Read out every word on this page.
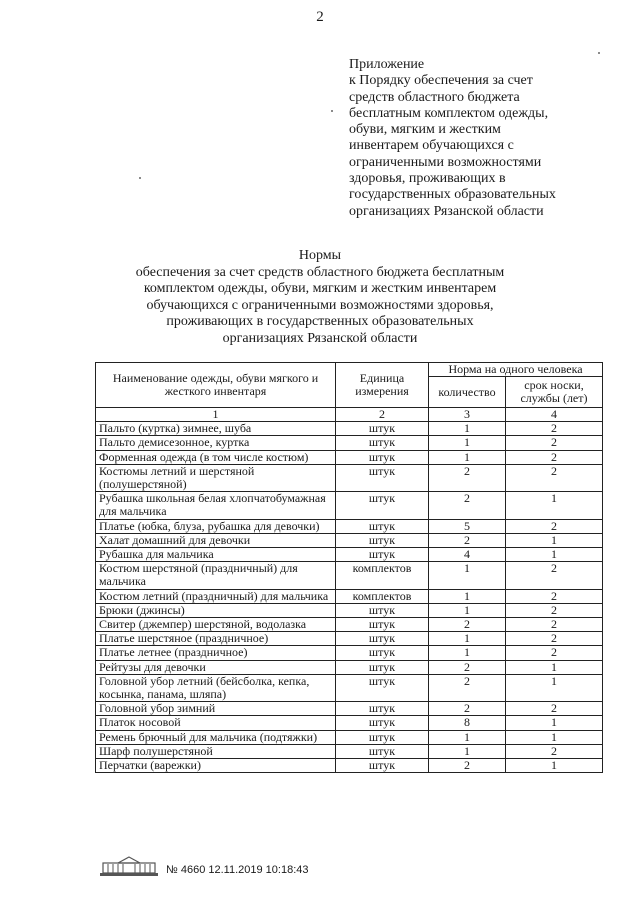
2
Приложение
к Порядку обеспечения за счет
средств областного бюджета
бесплатным комплектом одежды,
обуви, мягким и жестким
инвентарем обучающихся с
ограниченными возможностями
здоровья, проживающих в
государственных образовательных
организациях Рязанской области
Нормы
обеспечения за счет средств областного бюджета бесплатным
комплектом одежды, обуви, мягким и жестким инвентарем
обучающихся с ограниченными возможностями здоровья,
проживающих в государственных образовательных
организациях Рязанской области
Наименование одежды, обуви мягкого и жесткого инвентаря	Единица измерения	Норма на одного человека	
		количество	срок носки, службы (лет)
1	2	3	4
Пальто (куртка) зимнее, шуба	штук	1	2
Пальто демисезонное, куртка	штук	1	2
Форменная одежда (в том числе костюм)	штук	1	2
Костюмы летний и шерстяной (полушерстяной)	штук	2	2
Рубашка школьная белая хлопчатобумажная для мальчика	штук	2	1
Платье (юбка, блуза, рубашка для девочки)	штук	5	2
Халат домашний для девочки	штук	2	1
Рубашка для мальчика	штук	4	1
Костюм шерстяной (праздничный) для мальчика	комплектов	1	2
Костюм летний (праздничный) для мальчика	комплектов	1	2
Брюки (джинсы)	штук	1	2
Свитер (джемпер) шерстяной, водолазка	штук	2	2
Платье шерстяное (праздничное)	штук	1	2
Платье летнее (праздничное)	штук	1	2
Рейтузы для девочки	штук	2	1
Головной убор летний (бейсболка, кепка, косынка, панама, шляпа)	штук	2	1
Головной убор зимний	штук	2	2
Платок носовой	штук	8	1
Ремень брючный для мальчика (подтяжки)	штук	1	1
Шарф полушерстяной	штук	1	2
Перчатки (варежки)	штук	2	1
№ 4660 12.11.2019 10:18:43
